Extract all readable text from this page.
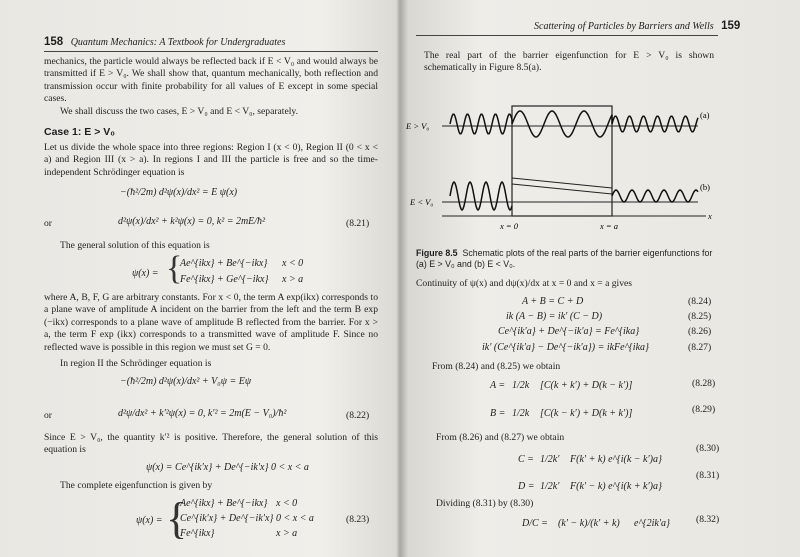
158 Quantum Mechanics: A Textbook for Undergraduates
mechanics, the particle would always be reflected back if E < V₀ and would always be transmitted if E > V₀. We shall show that, quantum mechanically, both reflection and transmission occur with finite probability for all values of E except in some special cases.
We shall discuss the two cases, E > V₀ and E < V₀, separately.
Case 1: E > V₀
Let us divide the whole space into three regions: Region I (x < 0), Region II (0 < x < a) and Region III (x > a). In regions I and III the particle is free and so the time-independent Schrödinger equation is
−(ħ²/2m) d²ψ(x)/dx² = E ψ(x)
or	d²ψ(x)/dx² + k²ψ(x) = 0, k² = 2mE/ħ²	(8.21)
The general solution of this equation is
ψ(x) = {
Ae^{ikx} + Be^{−ikx} x < 0
Fe^{ikx} + Ge^{−ikx} x > a
where A, B, F, G are arbitrary constants. For x < 0, the term A exp(ikx) corresponds to a plane wave of amplitude A incident on the barrier from the left and the term B exp (−ikx) corresponds to a plane wave of amplitude B reflected from the barrier. For x > a, the term F exp (ikx) corresponds to a transmitted wave of amplitude F. Since no reflected wave is possible in this region we must set G = 0.
In region II the Schrödinger equation is
−(ħ²/2m) d²ψ(x)/dx² + V₀ψ = Eψ
or	d²ψ/dx² + k′²ψ(x) = 0, k′² = 2m(E − V₀)/ħ²	(8.22)
Since E > V₀, the quantity k′² is positive. Therefore, the general solution of this equation is
ψ(x) = Ce^{ik′x} + De^{−ik′x} 0 < x < a
The complete eigenfunction is given by
ψ(x) = {
Ae^{ikx} + Be^{−ikx} x < 0
Ce^{ik′x} + De^{−ik′x} 0 < x < a
Fe^{ikx}	x > a
(8.23)
Scattering of Particles by Barriers and Wells 159
The real part of the barrier eigenfunction for E > V₀ is shown schematically in Figure 8.5(a).
E > V₀
E < V₀
(a)
(b)
x = 0	x = a
x
Figure 8.5 Schematic plots of the real parts of the barrier eigenfunctions for (a) E > V₀ and (b) E < V₀.
Continuity of ψ(x) and dψ(x)/dx at x = 0 and x = a gives
A + B = C + D	(8.24)
ik (A − B) = ik′ (C − D)	(8.25)
Ce^{ik′a} + De^{−ik′a} = Fe^{ika}	(8.26)
ik′ (Ce^{ik′a} − De^{−ik′a}) = ikFe^{ika}	(8.27)
From (8.24) and (8.25) we obtain
A = 1/2k [C(k + k′) + D(k − k′)]	(8.28)
B = 1/2k [C(k − k′) + D(k + k′)]	(8.29)
From (8.26) and (8.27) we obtain
C = 1/2k′ F(k′ + k) e^{i(k − k′)a}
(8.30)
D = 1/2k′ F(k′ − k) e^{i(k + k′)a}
(8.31)
Dividing (8.31) by (8.30)
D/C = (k′ − k)/(k′ + k) e^{2ik′a}	(8.32)
